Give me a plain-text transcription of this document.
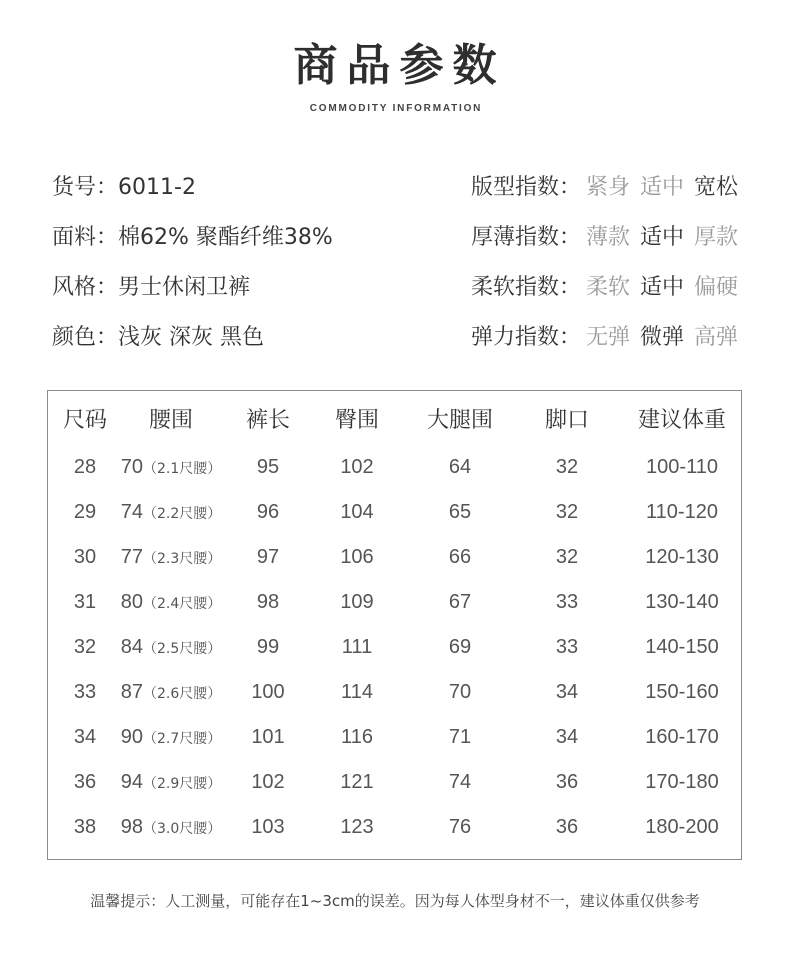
商品参数
COMMODITY INFORMATION
货号：6011-2
面料：棉62% 聚酯纤维38%
风格：男士休闲卫裤
颜色：浅灰 深灰 黑色
版型指数： 紧身 适中 宽松
厚薄指数： 薄款 适中 厚款
柔软指数： 柔软 适中 偏硬
弹力指数： 无弹 微弹 高弹
尺码 腰围 裤长 臀围 大腿围 脚口 建议体重
28 70（2.1尺腰） 95	102	64	32	100-110
29 74（2.2尺腰） 96	104	65	32	110-120
30 77（2.3尺腰） 97	106	66	32	120-130
31 80（2.4尺腰） 98	109	67	33	130-140
32 84（2.5尺腰） 99	111	69	33	140-150
33 87（2.6尺腰） 100	114	70	34	150-160
34 90（2.7尺腰） 101	116	71	34	160-170
36 94（2.9尺腰） 102	121	74	36	170-180
38 98（3.0尺腰） 103	123	76	36	180-200
温馨提示：人工测量，可能存在1~3cm的误差。因为每人体型身材不一，建议体重仅供参考
